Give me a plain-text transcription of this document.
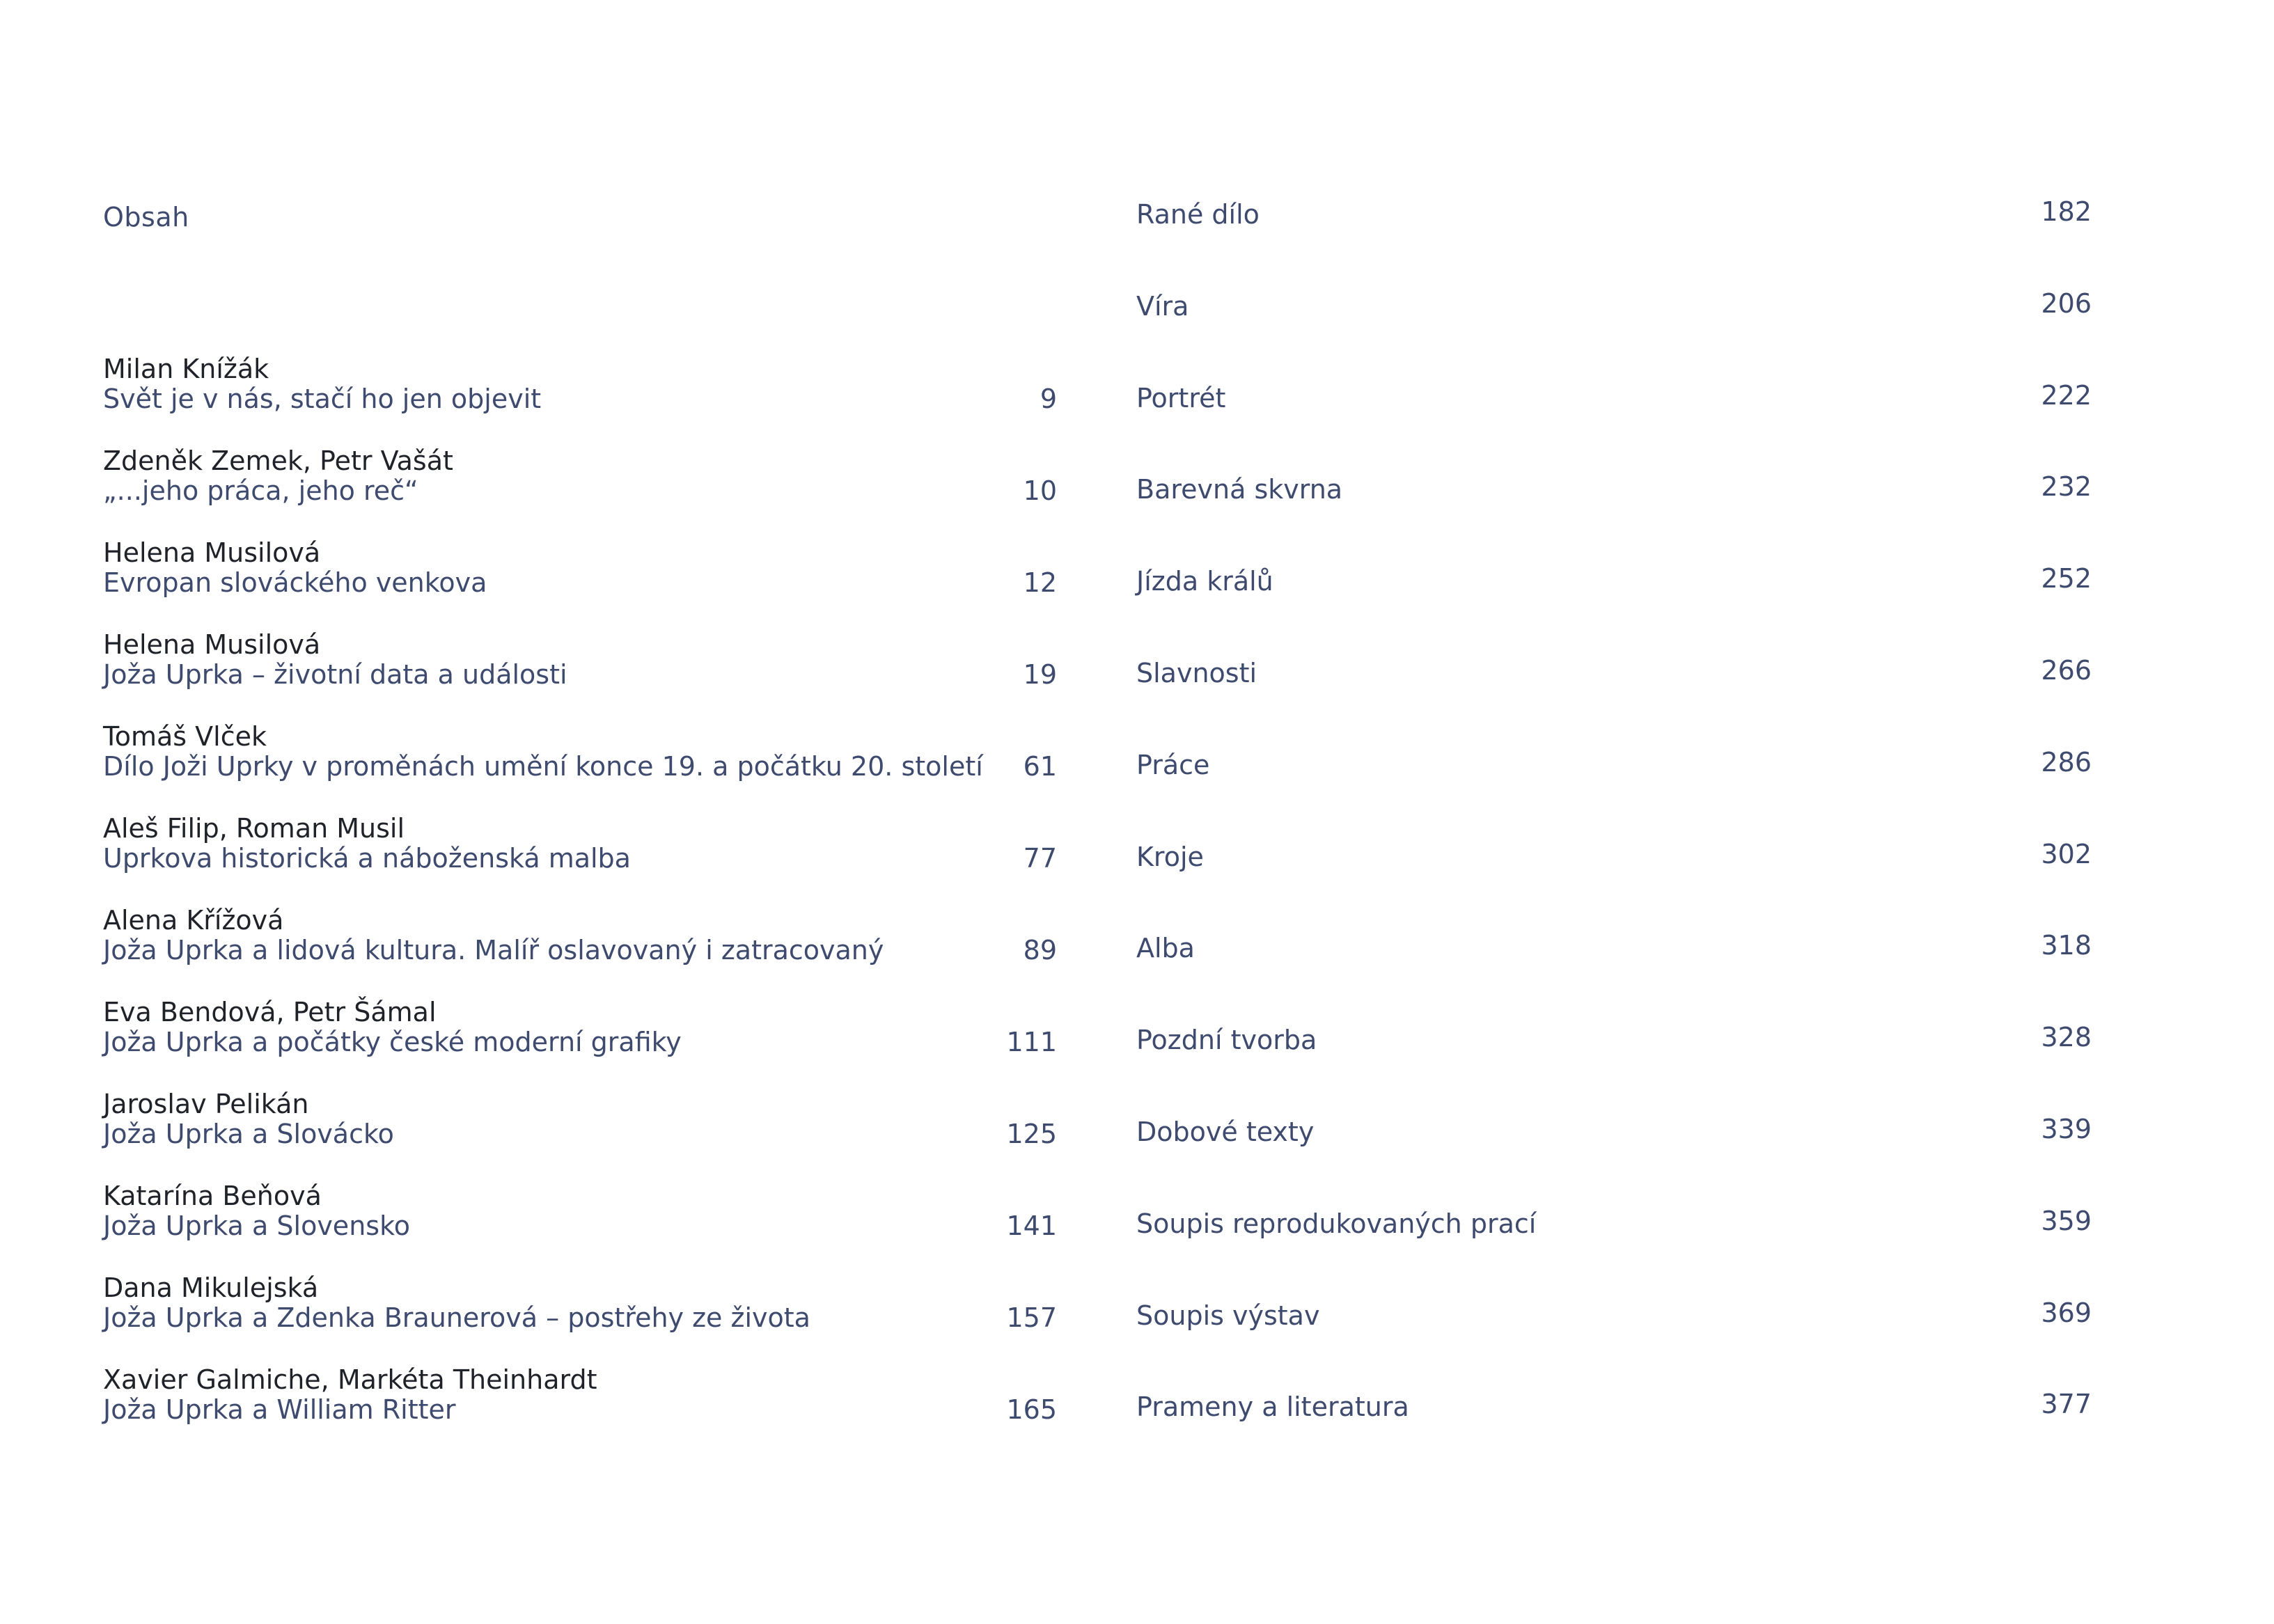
Obsah
Milan Knížák
Svět je v nás, stačí ho jen objevit	9
Zdeněk Zemek, Petr Vašát
„...jeho práca, jeho reč“	10
Helena Musilová
Evropan slováckého venkova	12
Helena Musilová
Joža Uprka – životní data a události	19
Tomáš Vlček
Dílo Joži Uprky v proměnách umění konce 19. a počátku 20. století 61
Aleš Filip, Roman Musil
Uprkova historická a náboženská malba	77
Alena Křížová
Joža Uprka a lidová kultura. Malíř oslavovaný i zatracovaný	89
Eva Bendová, Petr Šámal
Joža Uprka a počátky české moderní grafiky	111
Jaroslav Pelikán
Joža Uprka a Slovácko	125
Katarína Beňová
Joža Uprka a Slovensko	141
Dana Mikulejská
Joža Uprka a Zdenka Braunerová – postřehy ze života	157
Xavier Galmiche, Markéta Theinhardt
Joža Uprka a William Ritter	165
Rané dílo	182
Víra	206
Portrét	222
Barevná skvrna	232
Jízda králů	252
Slavnosti	266
Práce	286
Kroje	302
Alba	318
Pozdní tvorba	328
Dobové texty	339
Soupis reprodukovaných prací	359
Soupis výstav	369
Prameny a literatura	377
